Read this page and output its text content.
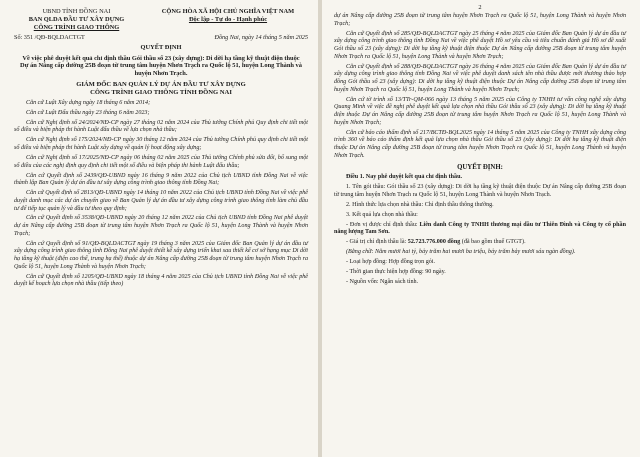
UBND TỈNH ĐỒNG NAI
BAN QLDA ĐẦU TƯ XÂY DỰNG
CÔNG TRÌNH GIAO THÔNG
CỘNG HÒA XÃ HỘI CHỦ NGHĨA VIỆT NAM
Độc lập - Tự do - Hạnh phúc
Đồng Nai, ngày 14 tháng 5 năm 2025
Số: 351 /QĐ-BQLDACTGT
QUYẾT ĐỊNH
Về việc phê duyệt kết quả chỉ định thầu Gói thầu số 23 (xây dựng): Di dời hạ tầng kỹ thuật điện thuộc Dự án Nâng cấp đường 25B đoạn từ trung tâm huyện Nhơn Trạch ra Quốc lộ 51, huyện Long Thành và huyện Nhơn Trạch.
GIÁM ĐỐC BAN QUẢN LÝ DỰ ÁN ĐẦU TƯ XÂY DỰNG
CÔNG TRÌNH GIAO THÔNG TỈNH ĐỒNG NAI

Căn cứ Luật Xây dựng ngày 18 tháng 6 năm 2014;

Căn cứ Luật Đấu thầu ngày 23 tháng 6 năm 2023;

Căn cứ Nghị định số 24/2024/NĐ-CP ngày 27 tháng 02 năm 2024 của Thủ tướng Chính phủ Quy định chi tiết một số điều và biện pháp thi hành Luật đấu thầu về lựa chọn nhà thầu;

Căn cứ Nghị định số 175/2024/NĐ-CP ngày 30 tháng 12 năm 2024 của Thủ tướng Chính phủ quy định chi tiết một số điều và biện pháp thi hành Luật xây dựng về quản lý hoạt động xây dựng;

Căn cứ Nghị định số 17/2025/NĐ-CP ngày 06 tháng 02 năm 2025 của Thủ tướng Chính phủ sửa đổi, bổ sung một số điều của các nghị định quy định chi tiết một số điều và biện pháp thi hành Luật đấu thầu;

Căn cứ Quyết định số 2439/QĐ-UBND ngày 16 tháng 9 năm 2022 của Chủ tịch UBND tỉnh Đồng Nai về việc thành lập Ban Quản lý dự án đầu tư xây dựng công trình giao thông tỉnh Đồng Nai;

Căn cứ Quyết định số 2813/QĐ-UBND ngày 14 tháng 10 năm 2022 của Chủ tịch UBND tỉnh Đồng Nai về việc phê duyệt danh mục các dự án chuyển giao về Ban Quản lý dự án đầu tư xây dựng công trình giao thông tỉnh làm chủ đầu tư để tiếp tục quản lý và đầu tư theo quy định;

Căn cứ Quyết định số 3538/QĐ-UBND ngày 20 tháng 12 năm 2022 của Chủ tịch UBND tỉnh Đồng Nai phê duyệt dự án Nâng cấp đường 25B đoạn từ trung tâm huyện Nhơn Trạch ra Quốc lộ 51, huyện Long Thành và huyện Nhơn Trạch;

Căn cứ Quyết định số 91/QĐ-BQLDACTGT ngày 19 tháng 3 năm 2025 của Giám đốc Ban Quản lý dự án đầu tư xây dựng công trình giao thông tỉnh Đồng Nai phê duyệt thiết kế xây dựng triển khai sau thiết kế cơ sở hạng mục Di dời hạ tầng kỹ thuật (điện cao thế, trung hạ thế) thuộc dự án Nâng cấp đường 25B đoạn từ trung tâm huyện Nhơn Trạch ra Quốc lộ 51, huyện Long Thành và huyện Nhơn Trạch;

Căn cứ Quyết định số 1205/QĐ-UBND ngày 18 tháng 4 năm 2025 của Chủ tịch UBND tỉnh Đồng Nai về việc phê duyệt kế hoạch lựa chọn nhà thầu (tiếp theo)

2

dự án Nâng cấp đường 25B đoạn từ trung tâm huyện Nhơn Trạch ra Quốc lộ 51, huyện Long Thành và huyện Nhơn Trạch;

Căn cứ Quyết định số 285/QĐ-BQLDACTGT ngày 25 tháng 4 năm 2025 của Giám đốc Ban Quản lý dự án đầu tư xây dựng công trình giao thông tỉnh Đồng Nai về việc phê duyệt Hồ sơ yêu cầu và tiêu chuẩn đánh giá Hồ sơ đề xuất Gói thầu số 23 (xây dựng): Di dời hạ tầng kỹ thuật điện thuộc Dự án Nâng cấp đường 25B đoạn từ trung tâm huyện Nhơn Trạch ra Quốc lộ 51, huyện Long Thành và huyện Nhơn Trạch;

Căn cứ Quyết định số 288/QĐ-BQLDACTGT ngày 26 tháng 4 năm 2025 của Giám đốc Ban Quản lý dự án đầu tư xây dựng công trình giao thông tỉnh Đồng Nai về việc phê duyệt danh sách tên nhà thầu được mời thương thảo hợp đồng Gói thầu số 23 (xây dựng): Di dời hạ tầng kỹ thuật điện thuộc Dự án Nâng cấp đường 25B đoạn từ trung tâm huyện Nhơn Trạch ra Quốc lộ 51, huyện Long Thành và huyện Nhơn Trạch;

Căn cứ tờ trình số 13/TTr-QM-066 ngày 13 tháng 5 năm 2025 của Công ty TNHH tư vấn công nghệ xây dựng Quang Minh về việc đề nghị phê duyệt kết quả lựa chọn nhà thầu Gói thầu số 23 (xây dựng): Di dời hạ tầng kỹ thuật điện thuộc Dự án Nâng cấp đường 25B đoạn từ trung tâm huyện Nhơn Trạch ra Quốc lộ 51, huyện Long Thành và huyện Nhơn Trạch;

Căn cứ báo cáo thẩm định số 217/BCTĐ-BQL2025 ngày 14 tháng 5 năm 2025 của Công ty TNHH xây dựng công trình 360 về báo cáo thẩm định kết quả lựa chọn nhà thầu Gói thầu số 23 (xây dựng): Di dời hạ tầng kỹ thuật điện thuộc Dự án Nâng cấp đường 25B đoạn từ trung tâm huyện Nhơn Trạch ra Quốc lộ 51, huyện Long Thành và huyện Nhơn Trạch.

QUYẾT ĐỊNH:

Điều 1. Nay phê duyệt kết quả chỉ định thầu.

1. Tên gói thầu: Gói thầu số 23 (xây dựng): Di dời hạ tầng kỹ thuật điện thuộc Dự án Nâng cấp đường 25B đoạn từ trung tâm huyện Nhơn Trạch ra Quốc lộ 51, huyện Long Thành và huyện Nhơn Trạch.

2. Hình thức lựa chọn nhà thầu: Chỉ định thầu thông thường.

3. Kết quả lựa chọn nhà thầu:

- Đơn vị được chỉ định thầu: Liên danh Công ty TNHH thương mại dầu tư Thiên Đình và Công ty cổ phần năng lượng Tam Sơn.

- Giá trị chỉ định thầu là: 52.723.776.000 đồng (đã bao gồm thuế GTGT).

(Bằng chữ: Năm mươi hai tỷ, bảy trăm hai mươi ba triệu, bảy trăm bảy mươi sáu ngàn đồng).

- Loại hợp đồng: Hợp đồng trọn gói.

- Thời gian thực hiện hợp đồng: 90 ngày.

- Nguồn vốn: Ngân sách tỉnh.
